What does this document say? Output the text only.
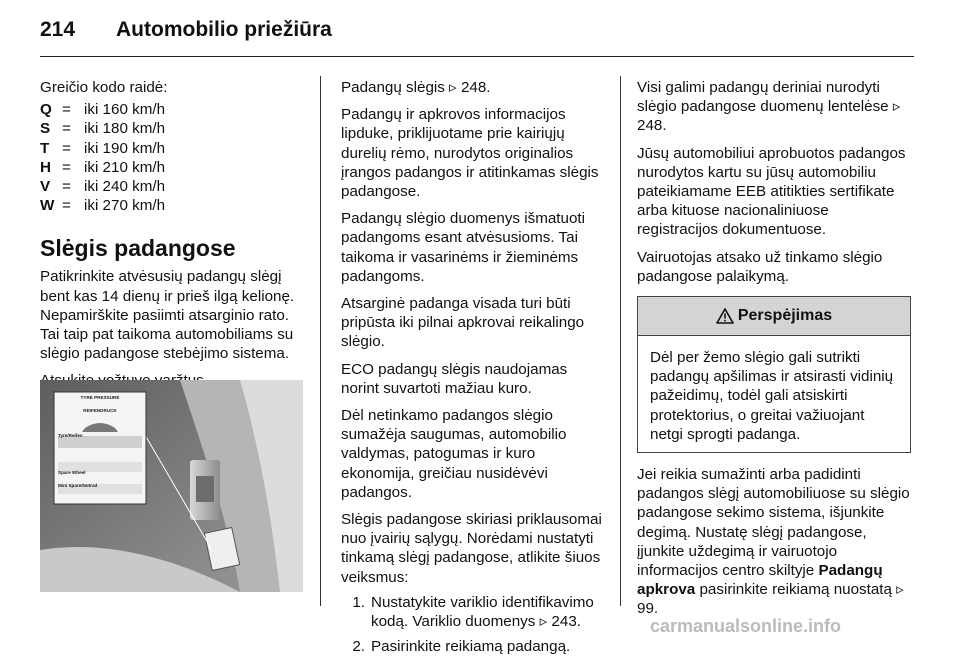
214 Automobilio priežiūra

Greičio kodo raidė:

Q = iki 160 km/h
S = iki 180 km/h
T = iki 190 km/h
H = iki 210 km/h
V = iki 240 km/h
W = iki 270 km/h
Slėgis padangose

Patikrinkite atvėsusių padangų slėgį bent kas 14 dienų ir prieš ilgą kelionę. Nepamirškite pasiimti atsarginio rato. Tai taip pat taikoma automobiliams su slėgio padangose stebėjimo sistema.

TYRE PRESSURE
REIFENDRUCK
Tyre/Reifen
Spare Wheel
Mini Spare/Notrad

Padangų slėgis ▹ 248.

Padangų ir apkrovos informacijos lipduke, priklijuotame prie kairiųjų durelių rėmo, nurodytos originalios įrangos padangos ir atitinkamas slėgis padangose.

Padangų slėgio duomenys išmatuoti padangoms esant atvėsusioms. Tai taikoma ir vasarinėms ir žieminėms padangoms.

Atsarginė padanga visada turi būti pripūsta iki pilnai apkrovai reikalingo slėgio.

ECO padangų slėgis naudojamas norint suvartoti mažiau kuro.

Dėl netinkamo padangos slėgio sumažėja saugumas, automobilio valdymas, patogumas ir kuro ekonomija, greičiau nusidėvėvi padangos.

Slėgis padangose skiriasi priklausomai nuo įvairių sąlygų. Norėdami nustatyti tinkamą slėgį padangose, atlikite šiuos veiksmus:

1. Nustatykite variklio identifikavimo kodą. Variklio duomenys ▹ 243.
2. Pasirinkite reikiamą padangą.

Visi galimi padangų deriniai nurodyti slėgio padangose duomenų lentelėse ▹ 248.

Jūsų automobiliui aprobuotos padangos nurodytos kartu su jūsų automobiliu pateikiamame EEB atitikties sertifikate arba kituose nacionaliniuose registracijos dokumentuose.

Vairuotojas atsako už tinkamo slėgio padangose palaikymą.

Perspėjimas
Dėl per žemo slėgio gali sutrikti padangų apšilimas ir atsirasti vidinių pažeidimų, todėl gali atsiskirti protektorius, o greitai važiuojant netgi sprogti padanga.

Jei reikia sumažinti arba padidinti padangos slėgį automobiliuose su slėgio padangose sekimo sistema, išjunkite degimą. Nustatę slėgį padangose, įjunkite uždegimą ir vairuotojo informacijos centro skiltyje Padangų apkrova pasirinkite reikiamą nuostatą ▹ 99.

carmanualsonline.info
